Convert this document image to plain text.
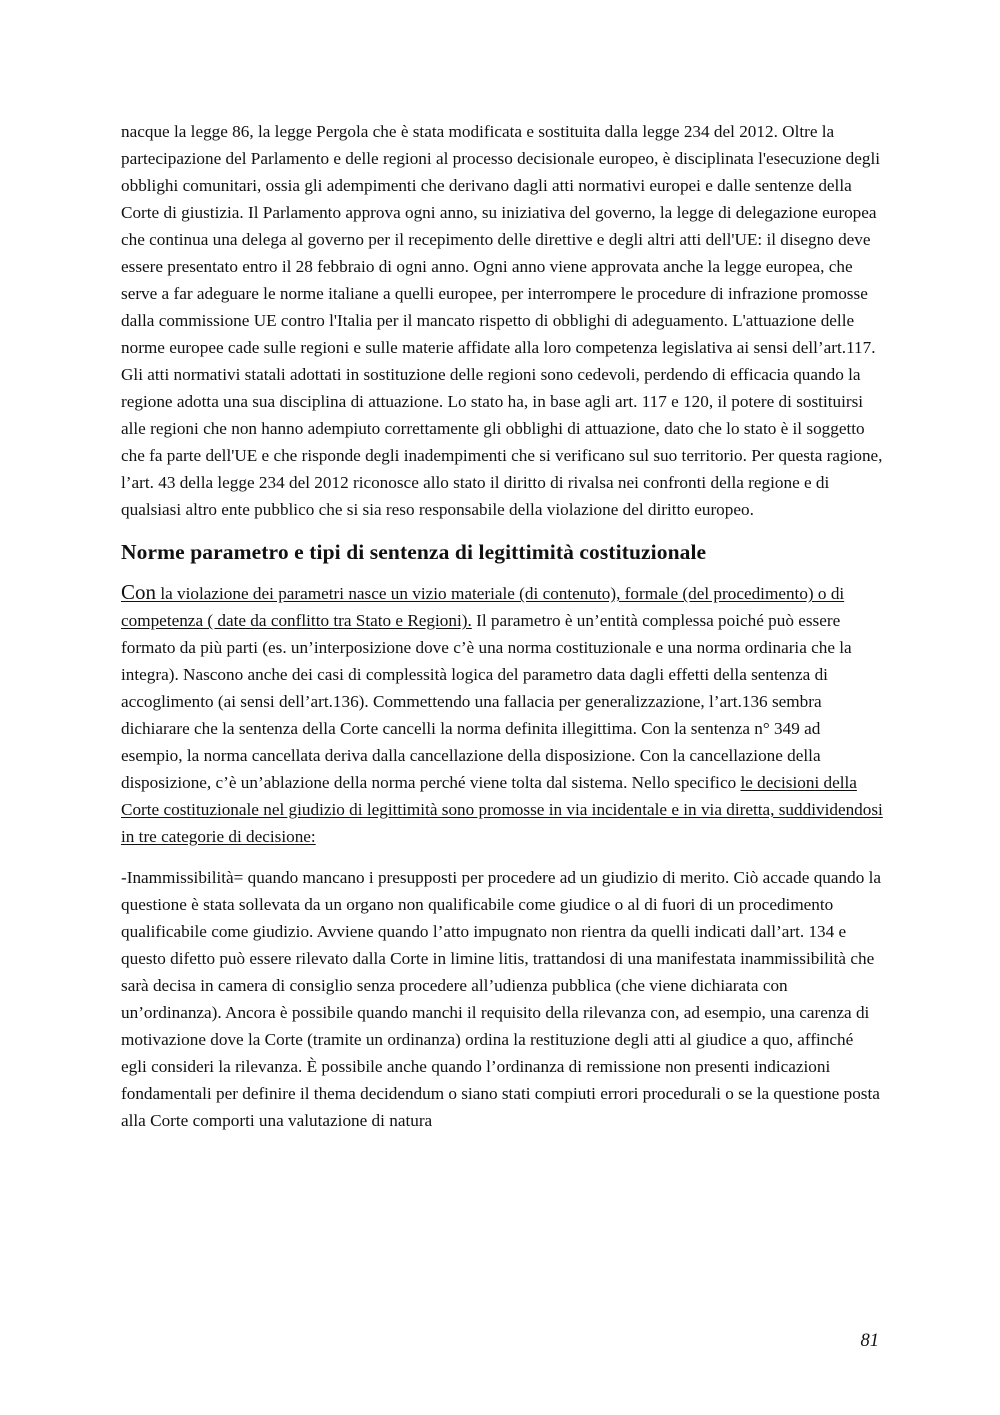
nacque la legge 86, la legge Pergola che è stata modificata e sostituita dalla legge 234 del 2012. Oltre la partecipazione del Parlamento e delle regioni al processo decisionale europeo, è disciplinata l'esecuzione degli obblighi comunitari, ossia gli adempimenti che derivano dagli atti normativi europei e dalle sentenze della Corte di giustizia. Il Parlamento approva ogni anno, su iniziativa del governo, la legge di delegazione europea che continua una delega al governo per il recepimento delle direttive e degli altri atti dell'UE: il disegno deve essere presentato entro il 28 febbraio di ogni anno. Ogni anno viene approvata anche la legge europea, che serve a far adeguare le norme italiane a quelli europee, per interrompere le procedure di infrazione promosse dalla commissione UE contro l'Italia per il mancato rispetto di obblighi di adeguamento. L'attuazione delle norme europee cade sulle regioni e sulle materie affidate alla loro competenza legislativa ai sensi dell’art.117. Gli atti normativi statali adottati in sostituzione delle regioni sono cedevoli, perdendo di efficacia quando la regione adotta una sua disciplina di attuazione. Lo stato ha, in base agli art. 117 e 120, il potere di sostituirsi alle regioni che non hanno adempiuto correttamente gli obblighi di attuazione, dato che lo stato è il soggetto che fa parte dell'UE e che risponde degli inadempimenti che si verificano sul suo territorio. Per questa ragione, l’art. 43 della legge 234 del 2012 riconosce allo stato il diritto di rivalsa nei confronti della regione e di qualsiasi altro ente pubblico che si sia reso responsabile della violazione del diritto europeo.

Norme parametro e tipi di sentenza di legittimità costituzionale

Con la violazione dei parametri nasce un vizio materiale (di contenuto), formale (del procedimento) o di competenza ( date da conflitto tra Stato e Regioni). Il parametro è un’entità complessa poiché può essere formato da più parti (es. un’interposizione dove c’è una norma costituzionale e una norma ordinaria che la integra). Nascono anche dei casi di complessità logica del parametro data dagli effetti della sentenza di accoglimento (ai sensi dell’art.136). Commettendo una fallacia per generalizzazione, l’art.136 sembra dichiarare che la sentenza della Corte cancelli la norma definita illegittima. Con la sentenza n° 349 ad esempio, la norma cancellata deriva dalla cancellazione della disposizione. Con la cancellazione della disposizione, c’è un’ablazione della norma perché viene tolta dal sistema. Nello specifico le decisioni della Corte costituzionale nel giudizio di legittimità sono promosse in via incidentale e in via diretta, suddividendosi in tre categorie di decisione:

-Inammissibilità= quando mancano i presupposti per procedere ad un giudizio di merito. Ciò accade quando la questione è stata sollevata da un organo non qualificabile come giudice o al di fuori di un procedimento qualificabile come giudizio. Avviene quando l’atto impugnato non rientra da quelli indicati dall’art. 134 e questo difetto può essere rilevato dalla Corte in limine litis, trattandosi di una manifestata inammissibilità che sarà decisa in camera di consiglio senza procedere all’udienza pubblica (che viene dichiarata con un’ordinanza). Ancora è possibile quando manchi il requisito della rilevanza con, ad esempio, una carenza di motivazione dove la Corte (tramite un ordinanza) ordina la restituzione degli atti al giudice a quo, affinché egli consideri la rilevanza. È possibile anche quando l’ordinanza di remissione non presenti indicazioni fondamentali per definire il thema decidendum o siano stati compiuti errori procedurali o se la questione posta alla Corte comporti una valutazione di natura

81
